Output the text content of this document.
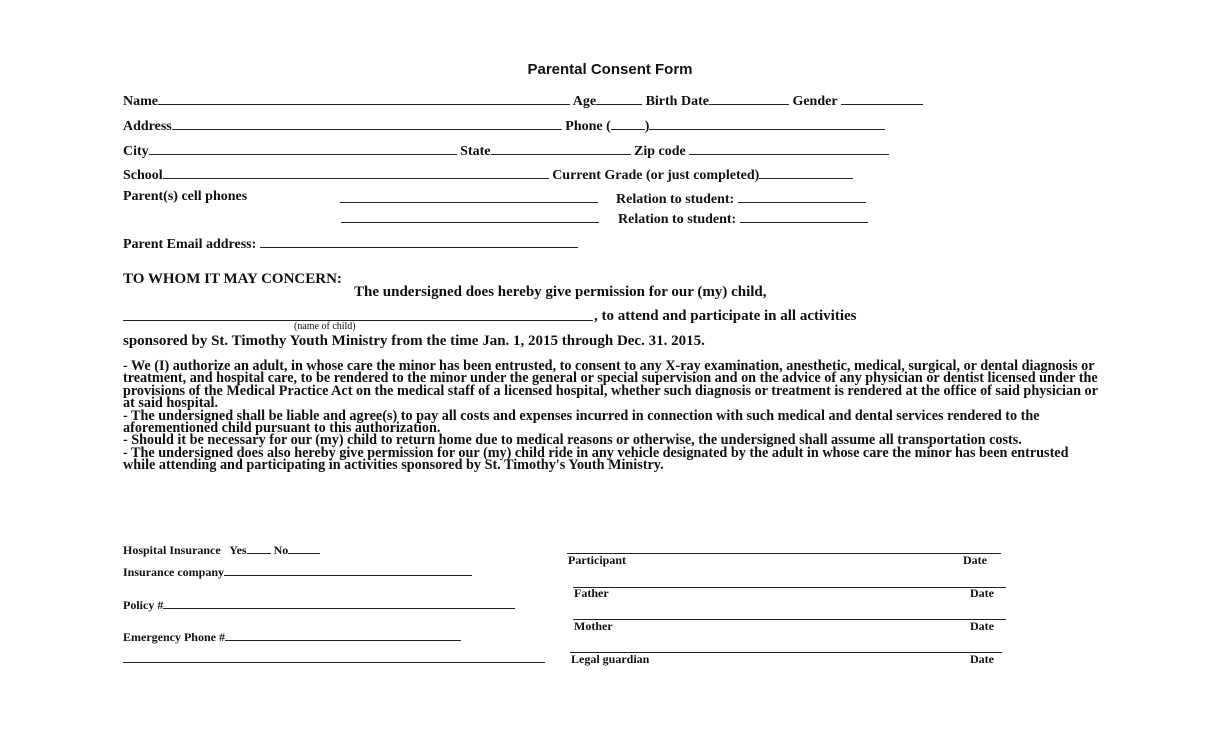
Parental Consent Form
Name	Age	Birth Date	Gender
Address	Phone ( )
City	State	Zip code
School	Current Grade (or just completed)
Parent(s) cell phones	Relation to student:
Relation to student:
Parent Email address:
TO WHOM IT MAY CONCERN:
The undersigned does hereby give permission for our (my) child,
, to attend and participate in all activities
(name of child)
sponsored by St. Timothy Youth Ministry from the time Jan. 1, 2015 through Dec. 31. 2015.

- We (I) authorize an adult, in whose care the minor has been entrusted, to consent to any X-ray examination, anesthetic, medical, surgical, or dental diagnosis or treatment, and hospital care, to be rendered to the minor under the general or special supervision and on the advice of any physician or dentist licensed under the provisions of the Medical Practice Act on the medical staff of a licensed hospital, whether such diagnosis or treatment is rendered at the office of said physician or at said hospital.

- The undersigned shall be liable and agree(s) to pay all costs and expenses incurred in connection with such medical and dental services rendered to the aforementioned child pursuant to this authorization.

- Should it be necessary for our (my) child to return home due to medical reasons or otherwise, the undersigned shall assume all transportation costs.

- The undersigned does also hereby give permission for our (my) child ride in any vehicle designated by the adult in whose care the minor has been entrusted while attending and participating in activities sponsored by St. Timothy's Youth Ministry.

Hospital Insurance Yes No
Insurance company
Policy #
Emergency Phone #
Participant	Date
Father	Date
Mother	Date
Legal guardian	Date
